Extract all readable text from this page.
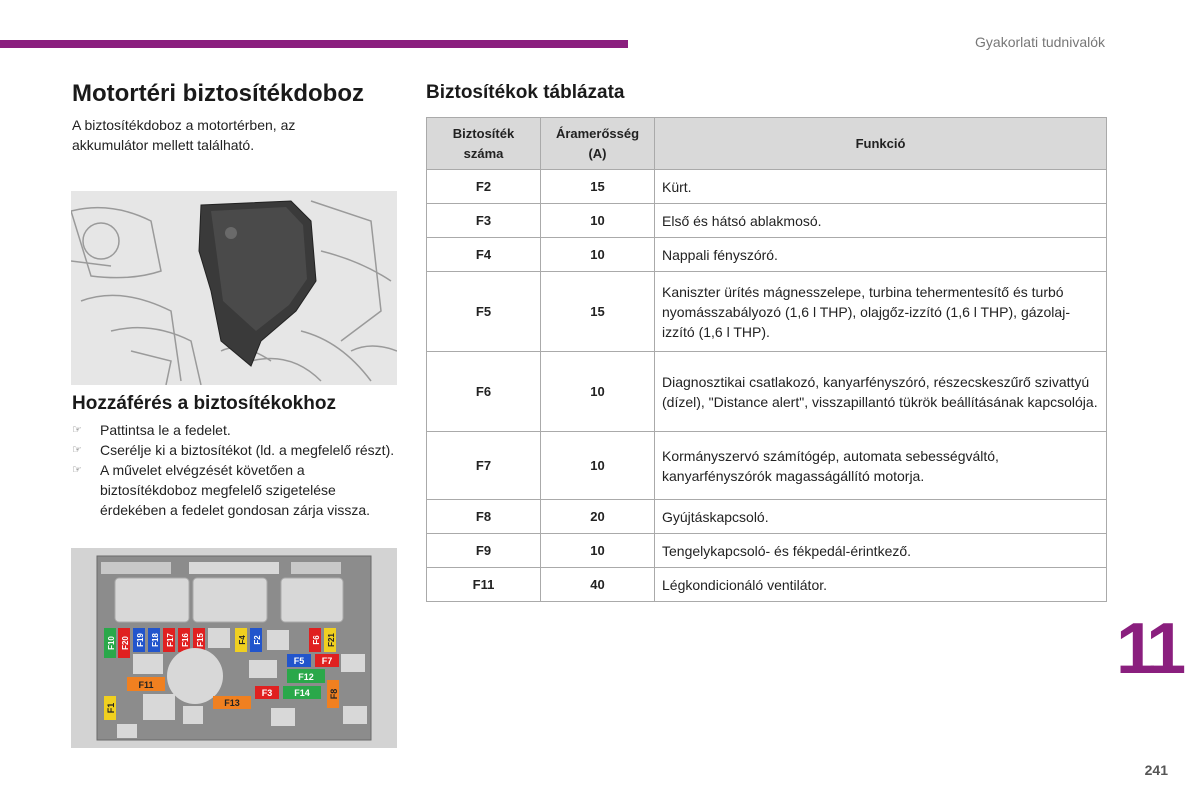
Gyakorlati tudnivalók
Motortéri biztosítékdoboz

A biztosítékdoboz a motortérben, az akkumulátor mellett található.

Hozzáférés a biztosítékokhoz
☞ Pattintsa le a fedelet.
☞ Cserélje ki a biztosítékot (ld. a megfelelő részt).
☞ A művelet elvégzését követően a biztosítékdoboz megfelelő szigetelése érdekében a fedelet gondosan zárja vissza.
F10 F20 F19 F18 F17 F16 F15	F4 F2	F6 F21
F5 F7
F12
F11
F3 F14 F8
F1	F13
Biztosítékok táblázata
Biztosíték száma	Áramerősség (A)	Funkció
F2	15	Kürt.
F3	10	Első és hátsó ablakmosó.
F4	10	Nappali fényszóró.
F5	15	Kaniszter ürítés mágnesszelepe, turbina tehermentesítő és turbó nyomásszabályozó (1,6 l THP), olajgőz-izzító (1,6 l THP), gázolaj-izzító (1,6 l THP).
F6	10	Diagnosztikai csatlakozó, kanyarfényszóró, részecskeszűrő szivattyú (dízel), "Distance alert", visszapillantó tükrök beállításának kapcsolója.
F7	10	Kormányszervó számítógép, automata sebességváltó, kanyarfényszórók magasságállító motorja.
F8	20	Gyújtáskapcsoló.
F9	10	Tengelykapcsoló- és fékpedál-érintkező.
F11	40	Légkondicionáló ventilátor.
11
241
